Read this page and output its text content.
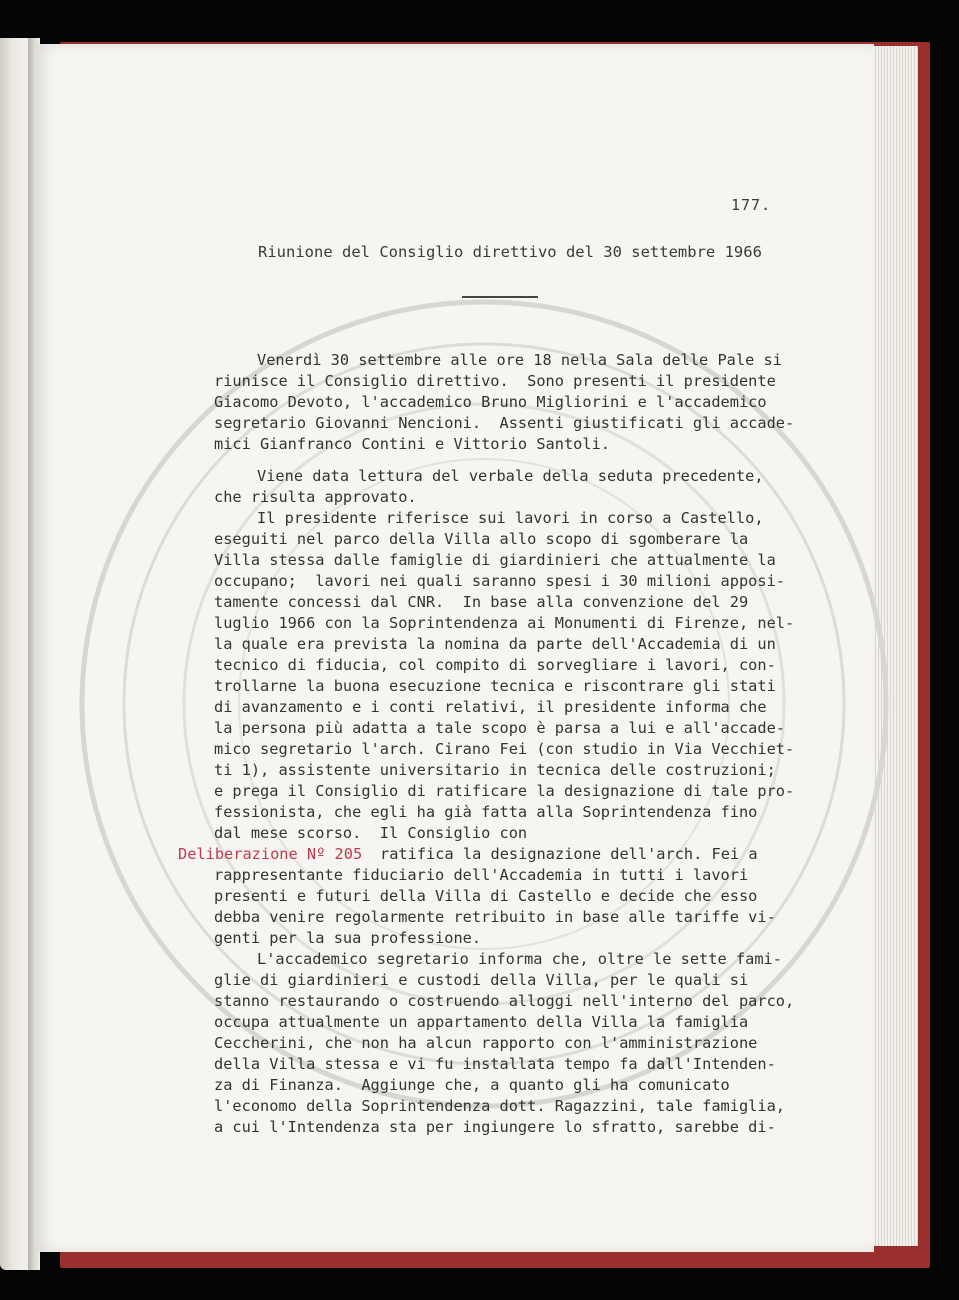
177.
Riunione del Consiglio direttivo del 30 settembre 1966
Venerdì 30 settembre alle ore 18 nella Sala delle Pale si
riunisce il Consiglio direttivo.  Sono presenti il presidente
Giacomo Devoto, l'accademico Bruno Migliorini e l'accademico
segretario Giovanni Nencioni.  Assenti giustificati gli accade-
mici Gianfranco Contini e Vittorio Santoli.
Viene data lettura del verbale della seduta precedente,
che risulta approvato.
Il presidente riferisce sui lavori in corso a Castello,
eseguiti nel parco della Villa allo scopo di sgomberare la
Villa stessa dalle famiglie di giardinieri che attualmente la
occupano;  lavori nei quali saranno spesi i 30 milioni apposi-
tamente concessi dal CNR.  In base alla convenzione del 29
luglio 1966 con la Soprintendenza ai Monumenti di Firenze, nel-
la quale era prevista la nomina da parte dell'Accademia di un
tecnico di fiducia, col compito di sorvegliare i lavori, con-
trollarne la buona esecuzione tecnica e riscontrare gli stati
di avanzamento e i conti relativi, il presidente informa che
la persona più adatta a tale scopo è parsa a lui e all'accade-
mico segretario l'arch. Cirano Fei (con studio in Via Vecchiet-
ti 1), assistente universitario in tecnica delle costruzioni;
e prega il Consiglio di ratificare la designazione di tale pro-
fessionista, che egli ha già fatta alla Soprintendenza fino
dal mese scorso.  Il Consiglio con
Deliberazione Nº 205 ratifica la designazione dell'arch. Fei a
rappresentante fiduciario dell'Accademia in tutti i lavori
presenti e futuri della Villa di Castello e decide che esso
debba venire regolarmente retribuito in base alle tariffe vi-
genti per la sua professione.
L'accademico segretario informa che, oltre le sette fami-
glie di giardinieri e custodi della Villa, per le quali si
stanno restaurando o costruendo alloggi nell'interno del parco,
occupa attualmente un appartamento della Villa la famiglia
Ceccherini, che non ha alcun rapporto con l'amministrazione
della Villa stessa e vi fu installata tempo fa dall'Intenden-
za di Finanza.  Aggiunge che, a quanto gli ha comunicato
l'economo della Soprintendenza dott. Ragazzini, tale famiglia,
a cui l'Intendenza sta per ingiungere lo sfratto, sarebbe di-
